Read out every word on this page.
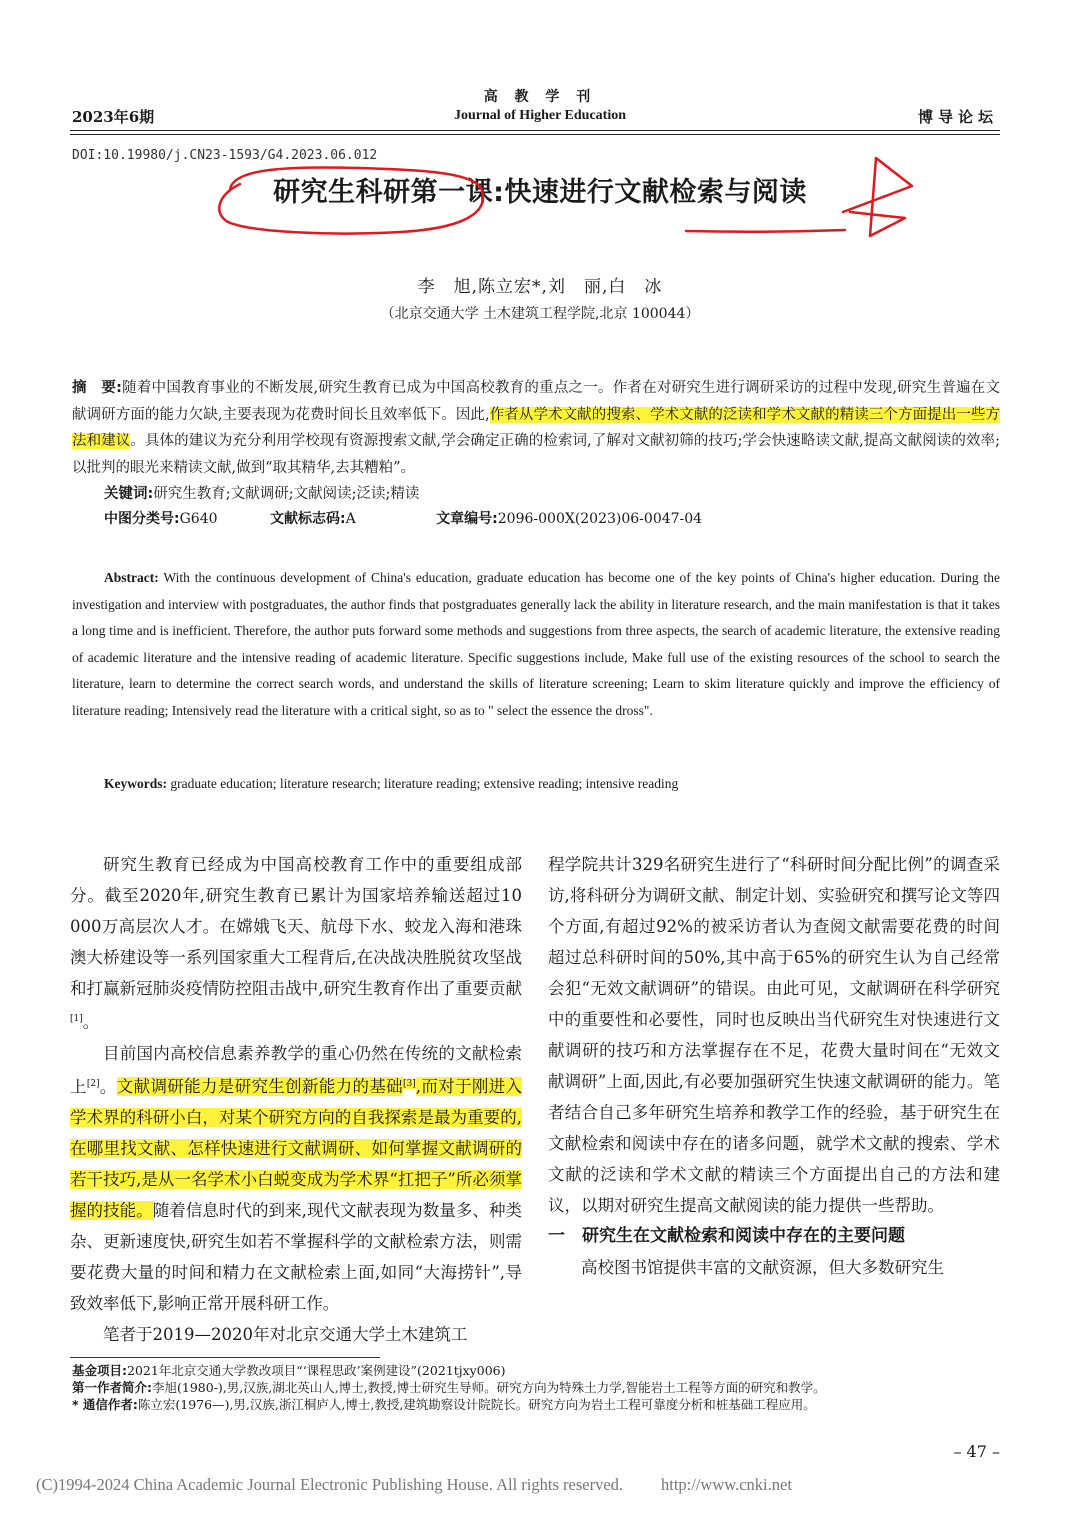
2023年6期
高 教 学 刊
Journal of Higher Education	博导论坛
DOI:10.19980/j.CN23-1593/G4.2023.06.012
研究生科研第一课:快速进行文献检索与阅读
李　旭,陈立宏*,刘　丽,白　冰
（北京交通大学 土木建筑工程学院,北京 100044）
摘　要:随着中国教育事业的不断发展,研究生教育已成为中国高校教育的重点之一。作者在对研究生进行调研采访的过程中发现,研究生普遍在文献调研方面的能力欠缺,主要表现为花费时间长且效率低下。因此,作者从学术文献的搜索、学术文献的泛读和学术文献的精读三个方面提出一些方法和建议。具体的建议为充分利用学校现有资源搜索文献,学会确定正确的检索词,了解对文献初筛的技巧;学会快速略读文献,提高文献阅读的效率;以批判的眼光来精读文献,做到“取其精华,去其糟粕”。
关键词:研究生教育;文献调研;文献阅读;泛读;精读
中图分类号:G640	文献标志码:A	文章编号:2096-000X(2023)06-0047-04
Abstract: With the continuous development of China's education, graduate education has become one of the key points of China's higher education. During the investigation and interview with postgraduates, the author finds that postgraduates generally lack the ability in literature research, and the main manifestation is that it takes a long time and is inefficient. Therefore, the author puts forward some methods and suggestions from three aspects, the search of academic literature, the extensive reading of academic literature and the intensive reading of academic literature. Specific suggestions include, Make full use of the existing resources of the school to search the literature, learn to determine the correct search words, and understand the skills of literature screening; Learn to skim literature quickly and improve the efficiency of literature reading; Intensively read the literature with a critical sight, so as to " select the essence the dross".
Keywords: graduate education; literature research; literature reading; extensive reading; intensive reading

研究生教育已经成为中国高校教育工作中的重要组成部分。截至2020年,研究生教育已累计为国家培养输送超过10 000万高层次人才。在嫦娥飞天、航母下水、蛟龙入海和港珠澳大桥建设等一系列国家重大工程背后,在决战决胜脱贫攻坚战和打赢新冠肺炎疫情防控阻击战中,研究生教育作出了重要贡献[1]。

目前国内高校信息素养教学的重心仍然在传统的文献检索上[2]。文献调研能力是研究生创新能力的基础[3],而对于刚进入学术界的科研小白，对某个研究方向的自我探索是最为重要的,在哪里找文献、怎样快速进行文献调研、如何掌握文献调研的若干技巧,是从一名学术小白蜕变成为学术界“扛把子”所必须掌握的技能。随着信息时代的到来,现代文献表现为数量多、种类杂、更新速度快,研究生如若不掌握科学的文献检索方法，则需要花费大量的时间和精力在文献检索上面,如同“大海捞针”,导致效率低下,影响正常开展科研工作。

笔者于2019—2020年对北京交通大学土木建筑工

程学院共计329名研究生进行了“科研时间分配比例”的调查采访,将科研分为调研文献、制定计划、实验研究和撰写论文等四个方面,有超过92%的被采访者认为查阅文献需要花费的时间超过总科研时间的50%,其中高于65%的研究生认为自己经常会犯“无效文献调研”的错误。由此可见，文献调研在科学研究中的重要性和必要性，同时也反映出当代研究生对快速进行文献调研的技巧和方法掌握存在不足，花费大量时间在“无效文献调研”上面,因此,有必要加强研究生快速文献调研的能力。笔者结合自己多年研究生培养和教学工作的经验，基于研究生在文献检索和阅读中存在的诸多问题，就学术文献的搜索、学术文献的泛读和学术文献的精读三个方面提出自己的方法和建议，以期对研究生提高文献阅读的能力提供一些帮助。

一　研究生在文献检索和阅读中存在的主要问题

高校图书馆提供丰富的文献资源，但大多数研究生

基金项目:2021年北京交通大学教改项目“‘课程思政’案例建设”(2021tjxy006)
第一作者简介:李旭(1980-),男,汉族,湖北英山人,博士,教授,博士研究生导师。研究方向为特殊土力学,智能岩土工程等方面的研究和教学。
* 通信作者:陈立宏(1976—),男,汉族,浙江桐庐人,博士,教授,建筑勘察设计院院长。研究方向为岩土工程可靠度分析和桩基础工程应用。
– 47 –
(C)1994-2024 China Academic Journal Electronic Publishing House. All rights reserved. http://www.cnki.net
